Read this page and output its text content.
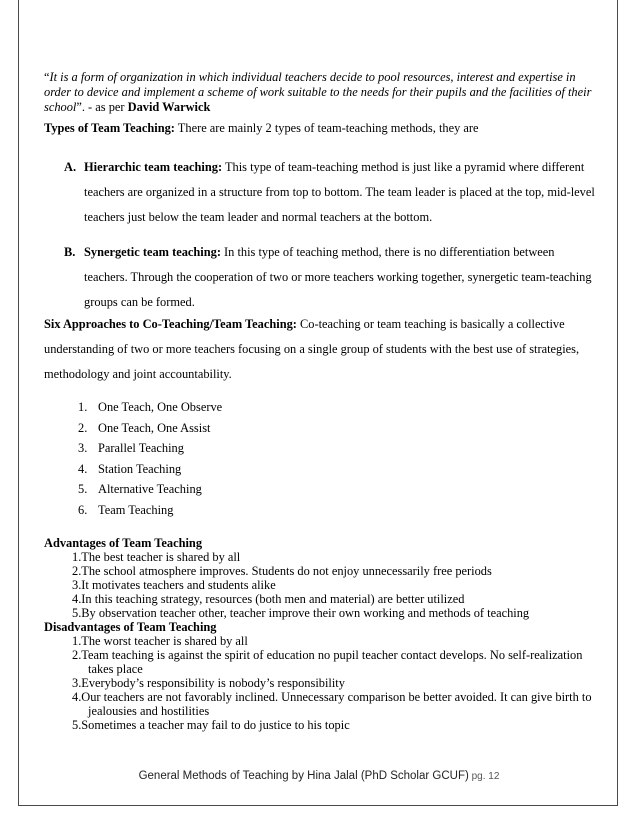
“It is a form of organization in which individual teachers decide to pool resources, interest and expertise in order to device and implement a scheme of work suitable to the needs for their pupils and the facilities of their school”. - as per David Warwick

Types of Team Teaching: There are mainly 2 types of team-teaching methods, they are

A. Hierarchic team teaching: This type of team-teaching method is just like a pyramid where different teachers are organized in a structure from top to bottom. The team leader is placed at the top, mid-level teachers just below the team leader and normal teachers at the bottom.
B. Synergetic team teaching: In this type of teaching method, there is no differentiation between teachers. Through the cooperation of two or more teachers working together, synergetic team-teaching groups can be formed.

Six Approaches to Co-Teaching/Team Teaching: Co-teaching or team teaching is basically a collective understanding of two or more teachers focusing on a single group of students with the best use of strategies, methodology and joint accountability.

1. One Teach, One Observe
2. One Teach, One Assist
3. Parallel Teaching
4. Station Teaching
5. Alternative Teaching
6. Team Teaching

Advantages of Team Teaching

1.The best teacher is shared by all
2.The school atmosphere improves. Students do not enjoy unnecessarily free periods
3.It motivates teachers and students alike
4.In this teaching strategy, resources (both men and material) are better utilized
5.By observation teacher other, teacher improve their own working and methods of teaching

Disadvantages of Team Teaching

1.The worst teacher is shared by all
2.Team teaching is against the spirit of education no pupil teacher contact develops. No self-realization
takes place
3.Everybody’s responsibility is nobody’s responsibility
4.Our teachers are not favorably inclined. Unnecessary comparison be better avoided. It can give birth to
jealousies and hostilities
5.Sometimes a teacher may fail to do justice to his topic
General Methods of Teaching by Hina Jalal (PhD Scholar GCUF) pg. 12
